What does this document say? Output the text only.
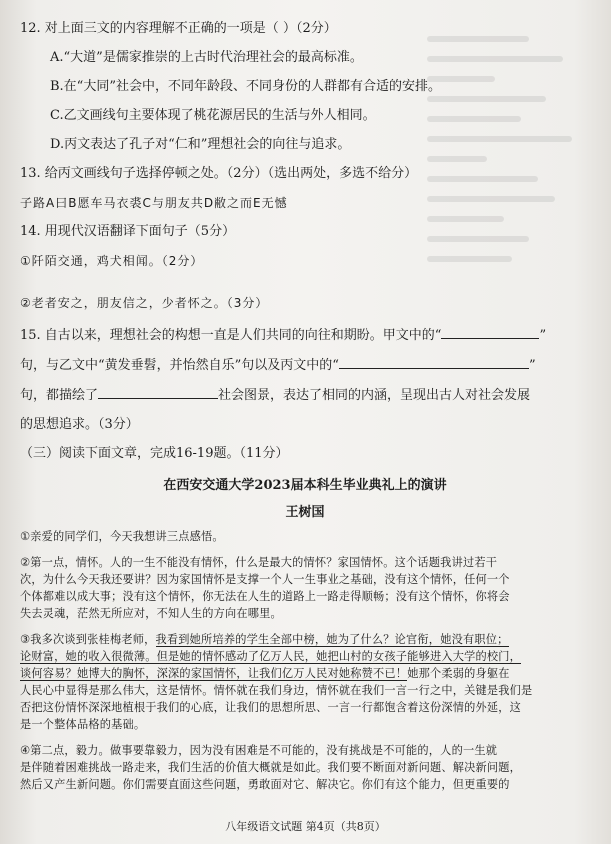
12. 对上面三文的内容理解不正确的一项是（ ）（2分）
A.“大道”是儒家推崇的上古时代治理社会的最高标准。
B.在“大同”社会中，不同年龄段、不同身份的人群都有合适的安排。
C.乙文画线句主要体现了桃花源居民的生活与外人相同。
D.丙文表达了孔子对“仁和”理想社会的向往与追求。
13. 给丙文画线句子选择停顿之处。（2分）（选出两处，多选不给分）
子路A曰B愿车马衣裘C与朋友共D敝之而E无憾
14. 用现代汉语翻译下面句子（5分）
①阡陌交通，鸡犬相闻。（2分）
②老者安之，朋友信之，少者怀之。（3分）
15. 自古以来，理想社会的构想一直是人们共同的向往和期盼。甲文中的“	”
句，与乙文中“黄发垂髫，并怡然自乐”句以及丙文中的“	”
句，都描绘了	社会图景，表达了相同的内涵，呈现出古人对社会发展
的思想追求。（3分）
（三）阅读下面文章，完成16-19题。（11分）
在西安交通大学2023届本科生毕业典礼上的演讲
王树国
①亲爱的同学们，今天我想讲三点感悟。
②第一点，情怀。人的一生不能没有情怀，什么是最大的情怀？家国情怀。这个话题我讲过若干
次，为什么今天我还要讲？因为家国情怀是支撑一个人一生事业之基础，没有这个情怀，任何一个
个体都难以成大事；没有这个情怀，你无法在人生的道路上一路走得顺畅；没有这个情怀，你将会
失去灵魂，茫然无所应对，不知人生的方向在哪里。
③我多次谈到张桂梅老师，我看到她所培养的学生全部中榜，她为了什么？论官衔，她没有职位；
论财富，她的收入很微薄。但是她的情怀感动了亿万人民，她把山村的女孩子能够进入大学的校门，
谈何容易？她博大的胸怀，深深的家国情怀，让我们亿万人民对她称赞不已！她那个柔弱的身躯在
人民心中显得是那么伟大，这是情怀。情怀就在我们身边，情怀就在我们一言一行之中，关键是我们是
否把这份情怀深深地植根于我们的心底，让我们的思想所思、一言一行都饱含着这份深情的外延，这
是一个整体品格的基础。
④第二点，毅力。做事要靠毅力，因为没有困难是不可能的，没有挑战是不可能的，人的一生就
是伴随着困难挑战一路走来，我们生活的价值大概就是如此。我们要不断面对新问题、解决新问题，
然后又产生新问题。你们需要直面这些问题，勇敢面对它、解决它。你们有这个能力，但更重要的
八年级语文试题 第4页（共8页）
